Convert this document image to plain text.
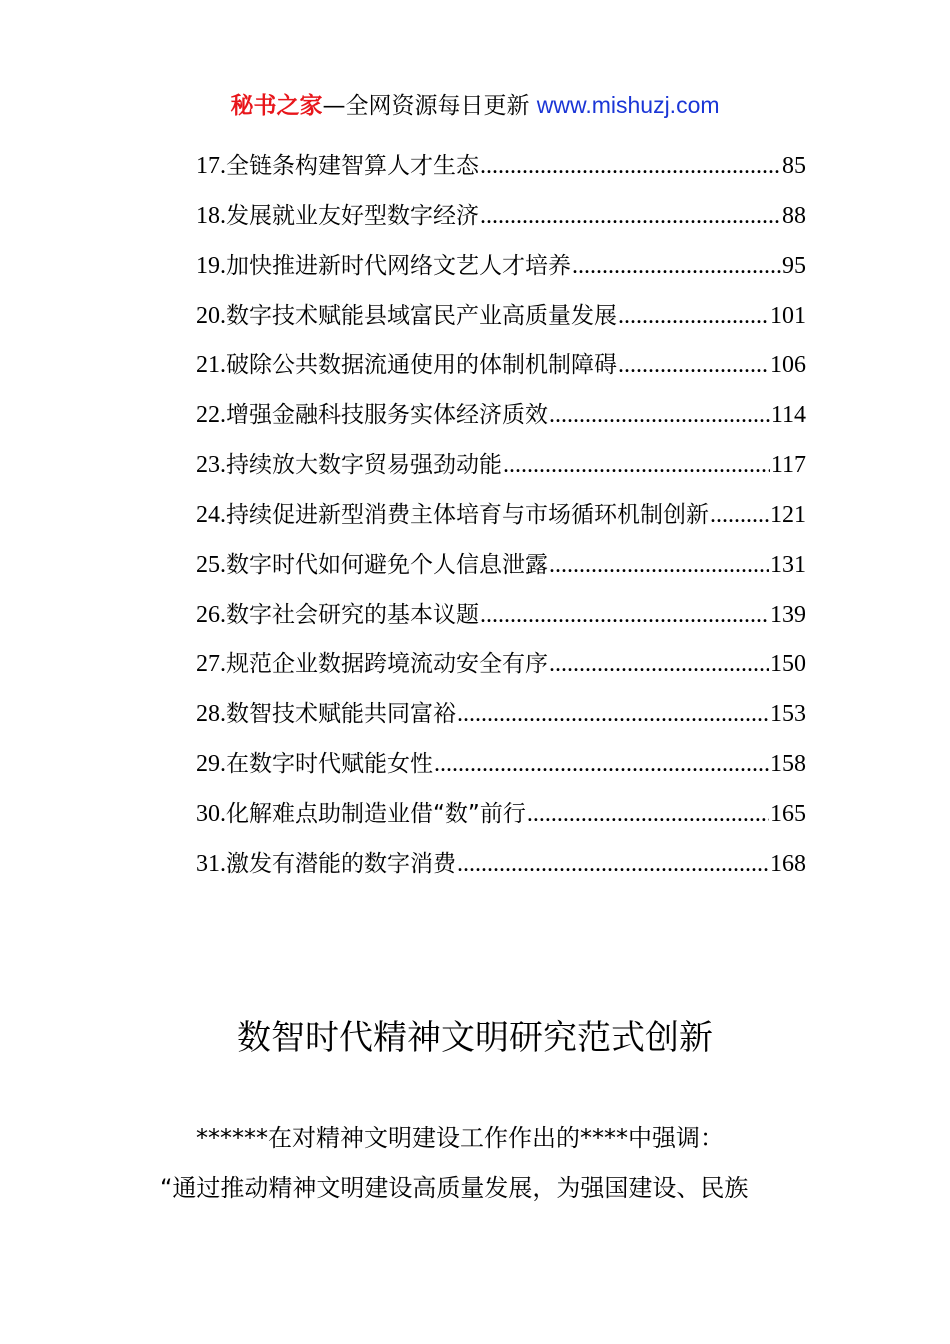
秘书之家—全网资源每日更新 www.mishuzj.com
17. 全链条构建智算人才生态 .....	85
18. 发展就业友好型数字经济 .....	88
19. 加快推进新时代网络文艺人才培养 .....	95
20. 数字技术赋能县域富民产业高质量发展 .....	101
21. 破除公共数据流通使用的体制机制障碍 .....	106
22. 增强金融科技服务实体经济质效 .....	114
23. 持续放大数字贸易强劲动能 .....	117
24. 持续促进新型消费主体培育与市场循环机制创新 .....	121
25. 数字时代如何避免个人信息泄露 .....	131
26. 数字社会研究的基本议题 .....	139
27. 规范企业数据跨境流动安全有序 .....	150
28. 数智技术赋能共同富裕 .....	153
29. 在数字时代赋能女性 .....	158
30. 化解难点助制造业借“数”前行 .....	165
31. 激发有潜能的数字消费 .....	168
数智时代精神文明研究范式创新
******在对精神文明建设工作作出的****中强调：
“通过推动精神文明建设高质量发展，为强国建设、民族
